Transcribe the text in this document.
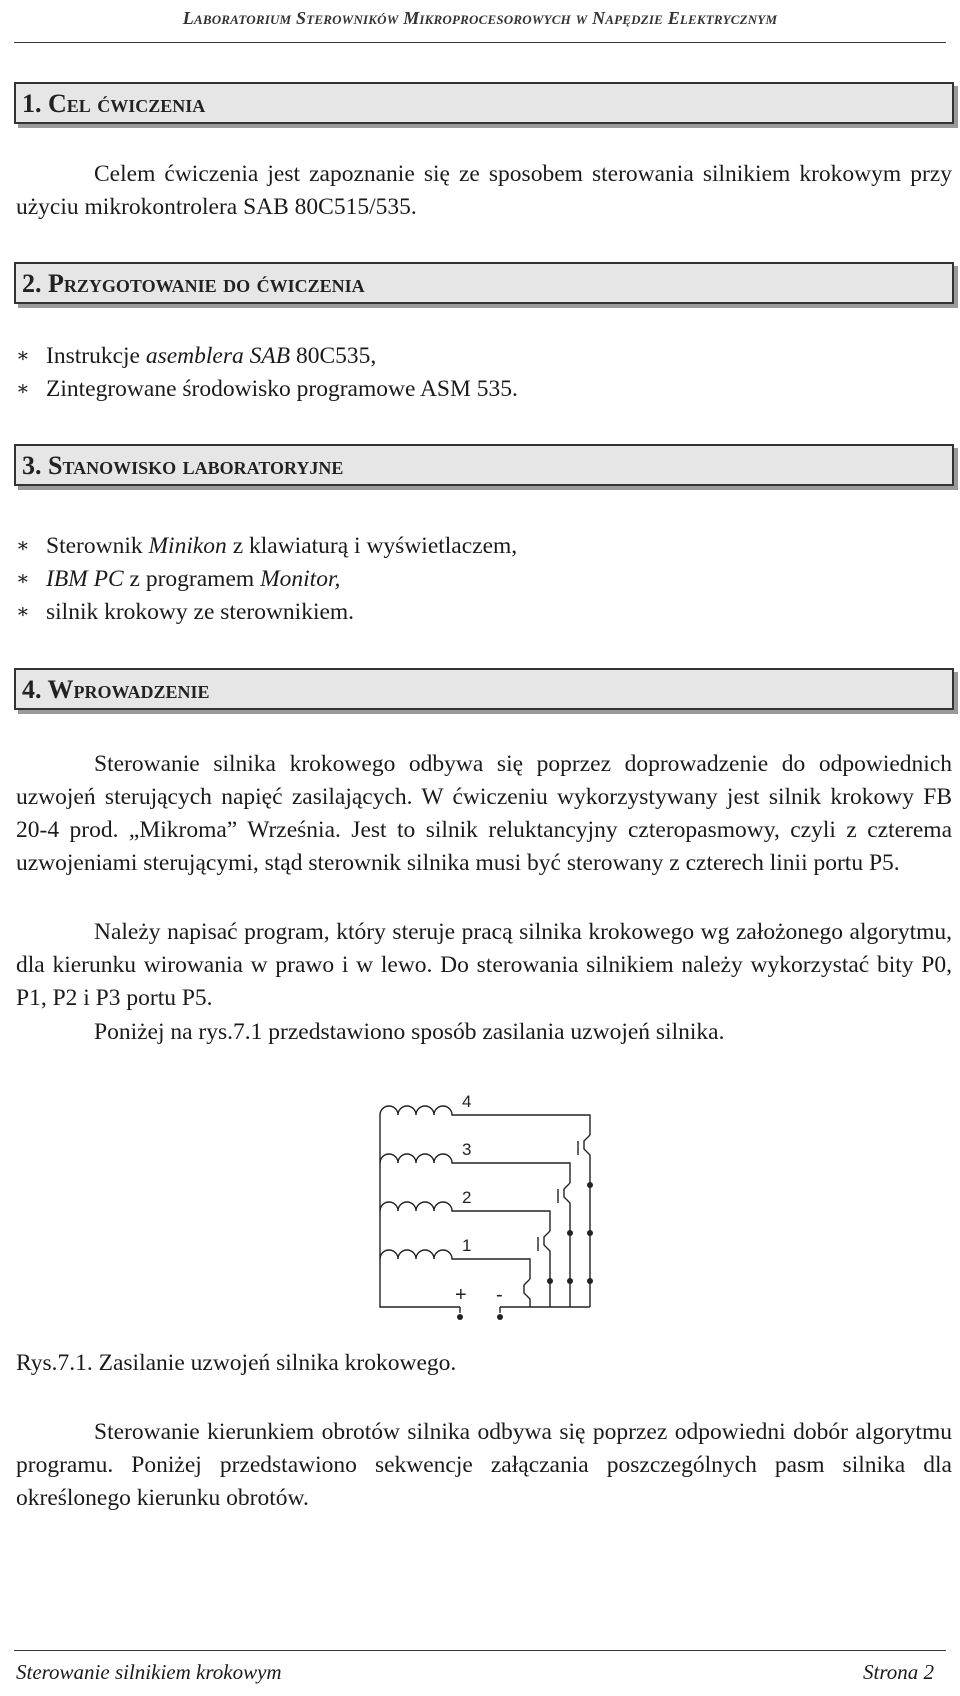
Laboratorium Sterowników Mikroprocesorowych w Napędzie Elektrycznym
1. Cel ćwiczenia

Celem ćwiczenia jest zapoznanie się ze sposobem sterowania silnikiem krokowym przy użyciu mikrokontrolera SAB 80C515/535.

2. Przygotowanie do ćwiczenia
∗ Instrukcje asemblera SAB 80C535,
∗ Zintegrowane środowisko programowe ASM 535.
3. Stanowisko laboratoryjne
∗ Sterownik Minikon z klawiaturą i wyświetlaczem,
∗ IBM PC z programem Monitor,
∗ silnik krokowy ze sterownikiem.
4. Wprowadzenie

Sterowanie silnika krokowego odbywa się poprzez doprowadzenie do odpowiednich uzwojeń sterujących napięć zasilających. W ćwiczeniu wykorzystywany jest silnik krokowy FB 20-4 prod. „Mikroma” Września. Jest to silnik reluktancyjny czteropasmowy, czyli z czterema uzwojeniami sterującymi, stąd sterownik silnika musi być sterowany z czterech linii portu P5.

Należy napisać program, który steruje pracą silnika krokowego wg założonego algorytmu, dla kierunku wirowania w prawo i w lewo. Do sterowania silnikiem należy wykorzystać bity P0, P1, P2 i P3 portu P5.

Poniżej na rys.7.1 przedstawiono sposób zasilania uzwojeń silnika.

4
3
2
1
+ -
Rys.7.1. Zasilanie uzwojeń silnika krokowego.

Sterowanie kierunkiem obrotów silnika odbywa się poprzez odpowiedni dobór algorytmu programu. Poniżej przedstawiono sekwencje załączania poszczególnych pasm silnika dla określonego kierunku obrotów.

Sterowanie silnikiem krokowym	Strona 2
